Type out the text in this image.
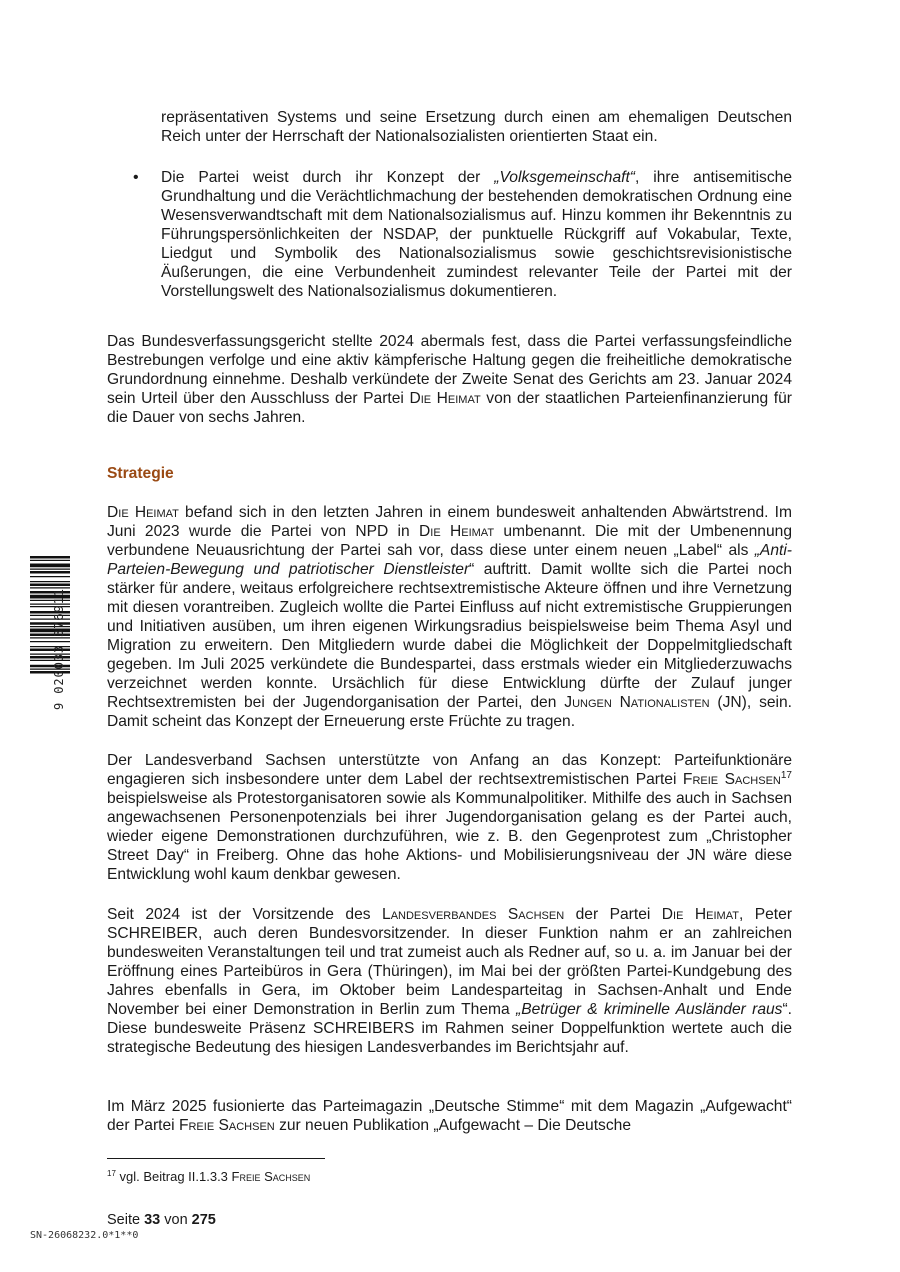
repräsentativen Systems und seine Ersetzung durch einen am ehemaligen Deutschen Reich unter der Herrschaft der Nationalsozialisten orientierten Staat ein.

• Die Partei weist durch ihr Konzept der „Volksgemeinschaft“, ihre antisemitische Grundhaltung und die Verächtlichmachung der bestehenden demokratischen Ordnung eine Wesensverwandtschaft mit dem Nationalsozialismus auf. Hinzu kommen ihr Bekenntnis zu Führungspersönlichkeiten der NSDAP, der punktuelle Rückgriff auf Vokabular, Texte, Liedgut und Symbolik des Nationalsozialismus sowie geschichtsrevisionistische Äußerungen, die eine Verbundenheit zumindest relevanter Teile der Partei mit der Vorstellungswelt des Nationalsozialismus dokumentieren.

Das Bundesverfassungsgericht stellte 2024 abermals fest, dass die Partei verfassungsfeindliche Bestrebungen verfolge und eine aktiv kämpferische Haltung gegen die freiheitliche demokratische Grundordnung einnehme. Deshalb verkündete der Zweite Senat des Gerichts am 23. Januar 2024 sein Urteil über den Ausschluss der Partei Die Heimat von der staatlichen Parteienfinanzierung für die Dauer von sechs Jahren.

Strategie

Die Heimat befand sich in den letzten Jahren in einem bundesweit anhaltenden Abwärtstrend. Im Juni 2023 wurde die Partei von NPD in Die Heimat umbenannt. Die mit der Umbenennung verbundene Neuausrichtung der Partei sah vor, dass diese unter einem neuen „Label“ als „Anti-Parteien-Bewegung und patriotischer Dienstleister“ auftritt. Damit wollte sich die Partei noch stärker für andere, weitaus erfolgreichere rechtsextremistische Akteure öffnen und ihre Vernetzung mit diesen vorantreiben. Zugleich wollte die Partei Einfluss auf nicht extremistische Gruppierungen und Initiativen ausüben, um ihren eigenen Wirkungsradius beispielsweise beim Thema Asyl und Migration zu erweitern. Den Mitgliedern wurde dabei die Möglichkeit der Doppelmitgliedschaft gegeben. Im Juli 2025 verkündete die Bundespartei, dass erstmals wieder ein Mitgliederzuwachs verzeichnet werden konnte. Ursächlich für diese Entwicklung dürfte der Zulauf junger Rechtsextremisten bei der Jugendorganisation der Partei, den Jungen Nationalisten (JN), sein. Damit scheint das Konzept der Erneuerung erste Früchte zu tragen.

Der Landesverband Sachsen unterstützte von Anfang an das Konzept: Parteifunktionäre engagieren sich insbesondere unter dem Label der rechtsextremistischen Partei Freie Sachsen$^{17}$ beispielsweise als Protestorganisatoren sowie als Kommunalpolitiker. Mithilfe des auch in Sachsen angewachsenen Personenpotenzials bei ihrer Jugendorganisation gelang es der Partei auch, wieder eigene Demonstrationen durchzuführen, wie z. B. den Gegenprotest zum „Christopher Street Day“ in Freiberg. Ohne das hohe Aktions- und Mobilisierungsniveau der JN wäre diese Entwicklung wohl kaum denkbar gewesen.

Seit 2024 ist der Vorsitzende des Landesverbandes Sachsen der Partei Die Heimat, Peter SCHREIBER, auch deren Bundesvorsitzender. In dieser Funktion nahm er an zahlreichen bundesweiten Veranstaltungen teil und trat zumeist auch als Redner auf, so u. a. im Januar bei der Eröffnung eines Parteibüros in Gera (Thüringen), im Mai bei der größten Partei-Kundgebung des Jahres ebenfalls in Gera, im Oktober beim Landesparteitag in Sachsen-Anhalt und Ende November bei einer Demonstration in Berlin zum Thema „Betrüger & kriminelle Ausländer raus“. Diese bundesweite Präsenz SCHREIBERS im Rahmen seiner Doppelfunktion wertete auch die strategische Bedeutung des hiesigen Landesverbandes im Berichtsjahr auf.

Im März 2025 fusionierte das Parteimagazin „Deutsche Stimme“ mit dem Magazin „Aufgewacht“ der Partei Freie Sachsen zur neuen Publikation „Aufgewacht – Die Deutsche

$^{17}$ vgl. Beitrag II.1.3.3 Freie Sachsen

Seite 33 von 275
SN-26068232.0*1**0
9 020033 376911
